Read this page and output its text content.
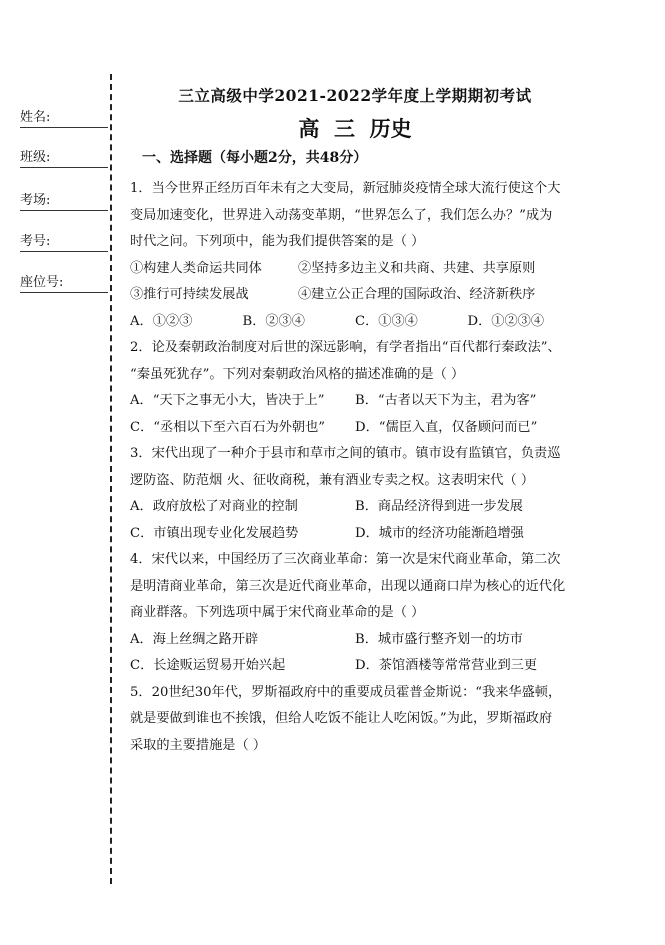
姓名:
班级:
考场:
考号:
座位号:
三立高级中学2021-2022学年度上学期期初考试
高  三  历史
一、选择题（每小题2分，共48分）

1．当今世界正经历百年未有之大变局，新冠肺炎疫情全球大流行使这个大

变局加速变化，世界进入动荡变革期，“世界怎么了，我们怎么办？”成为

时代之问。下列项中，能为我们提供答案的是（ ）

①构建人类命运共同体	②坚持多边主义和共商、共建、共享原则
③推行可持续发展战	④建立公正合理的国际政治、经济新秩序
A．①②③	B．②③④	C．①③④	D．①②③④

2．论及秦朝政治制度对后世的深远影响，有学者指出“百代都行秦政法”、

“秦虽死犹存”。下列对秦朝政治风格的描述准确的是（ ）

A．“天下之事无小大，皆决于上”	B．“古者以天下为主，君为客”
C．“丞相以下至六百石为外朝也”	D．“儒臣入直，仅备顾问而已”

3．宋代出现了一种介于县市和草市之间的镇市。镇市设有监镇官，负责巡

逻防盗、防范烟 火、征收商税，兼有酒业专卖之权。这表明宋代（ ）

A．政府放松了对商业的控制	B．商品经济得到进一步发展
C．市镇出现专业化发展趋势	D．城市的经济功能渐趋增强

4．宋代以来，中国经历了三次商业革命：第一次是宋代商业革命，第二次

是明清商业革命，第三次是近代商业革命，出现以通商口岸为核心的近代化

商业群落。下列选项中属于宋代商业革命的是（ ）

A．海上丝绸之路开辟	B．城市盛行整齐划一的坊市
C．长途贩运贸易开始兴起	D．茶馆酒楼等常常营业到三更

5．20世纪30年代，罗斯福政府中的重要成员霍普金斯说：“我来华盛顿，

就是要做到谁也不挨饿，但给人吃饭不能让人吃闲饭。”为此，罗斯福政府

采取的主要措施是（ ）
